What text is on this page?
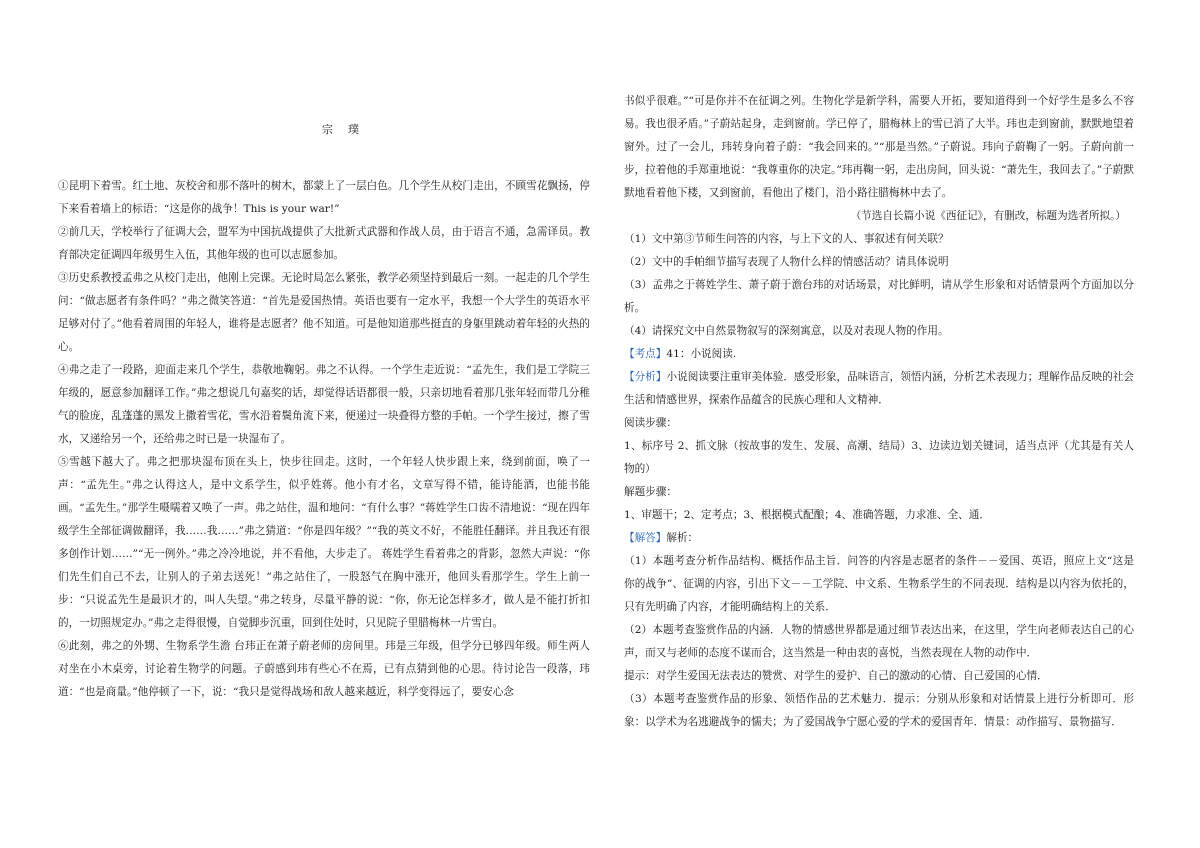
宗　璞

①昆明下着雪。红土地、灰校舍和那不落叶的树木，都蒙上了一层白色。几个学生从校门走出，不顾雪花飘扬，停下来看着墙上的标语：“这是你的战争！This is your war!”

②前几天，学校举行了征调大会，盟军为中国抗战提供了大批新式武器和作战人员，由于语言不通，急需译员。教育部决定征调四年级男生入伍，其他年级的也可以志愿参加。

③历史系教授孟弗之从校门走出，他刚上完课。无论时局怎么紧张，教学必须坚持到最后一刻。一起走的几个学生问：“做志愿者有条件吗？”弗之微笑答道：“首先是爱国热情。英语也要有一定水平，我想一个大学生的英语水平足够对付了。”他看着周围的年轻人，谁将是志愿者？他不知道。可是他知道那些挺直的身躯里跳动着年轻的火热的心。

④弗之走了一段路，迎面走来几个学生，恭敬地鞠躬。弗之不认得。一个学生走近说：“孟先生，我们是工学院三年级的，愿意参加翻译工作。”弗之想说几句嘉奖的话，却觉得话语都很一般，只亲切地看着那几张年轻而带几分稚气的脸庞，乱蓬蓬的黑发上撒着雪花，雪水沿着鬓角流下来，便递过一块叠得方整的手帕。一个学生接过，擦了雪水，又递给另一个，还给弗之时已是一块湿布了。

⑤雪越下越大了。弗之把那块湿布顶在头上，快步往回走。这时，一个年轻人快步跟上来，绕到前面，唤了一声：“孟先生。”弗之认得这人，是中文系学生，似乎姓蒋。他小有才名，文章写得不错，能诗能酒，也能书能画。“孟先生。”那学生嗫嚅着又唤了一声。弗之站住，温和地问：“有什么事？”蒋姓学生口齿不清地说：“现在四年级学生全部征调做翻译，我……我……”弗之猜道：“你是四年级？”“我的英文不好，不能胜任翻译。并且我还有很多创作计划……”“无一例外。”弗之冷冷地说，并不看他，大步走了。 蒋姓学生看着弗之的背影，忽然大声说：“你们先生们自己不去，让别人的子弟去送死！”弗之站住了，一股怒气在胸中涨开，他回头看那学生。学生上前一步：“只说孟先生是最识才的，叫人失望。”弗之转身，尽量平静的说：“你，你无论怎样多才，做人是不能打折扣的，一切照规定办。”弗之走得很慢，自觉脚步沉重，回到住处时，只见院子里腊梅林一片雪白。

⑥此刻，弗之的外甥、生物系学生澹 台玮正在萧子蔚老师的房间里。玮是三年级，但学分已够四年级。师生两人对坐在小木桌旁，讨论着生物学的问题。子蔚感到玮有些心不在焉，已有点猜到他的心思。待讨论告一段落，玮道：“也是商量。”他停顿了一下，说：“我只是觉得战场和敌人越来越近，科学变得远了，要安心念

书似乎很难。”“可是你并不在征调之列。生物化学是新学科，需要人开拓，要知道得到一个好学生是多么不容易。我也很矛盾。”子蔚站起身，走到窗前。学已停了，腊梅林上的雪已消了大半。玮也走到窗前，默默地望着窗外。过了一会儿，玮转身向着子蔚：“我会回来的。”“那是当然。”子蔚说。玮向子蔚鞠了一躬。子蔚向前一步，拉着他的手郑重地说：“我尊重你的决定。”玮再鞠一躬，走出房间，回头说：“萧先生，我回去了。”子蔚默默地看着他下楼，又到窗前，看他出了楼门，沿小路往腊梅林中去了。

（节选自长篇小说《西征记》，有删改，标题为选者所拟。）

（1）文中第③节师生问答的内容，与上下文的人、事叙述有何关联？

（2）文中的手帕细节描写表现了人物什么样的情感活动？请具体说明

（3）孟弗之于蒋姓学生、萧子蔚于澹台玮的对话场景，对比鲜明，请从学生形象和对话情景两个方面加以分析。

（4）请探究文中自然景物叙写的深刻寓意，以及对表现人物的作用。

【考点】41：小说阅读.

【分析】小说阅读要注重审美体验．感受形象，品味语言，领悟内涵，分析艺术表现力；理解作品反映的社会生活和情感世界，探索作品蕴含的民族心理和人文精神．

阅读步骤：

1、标序号 2、抓文脉（按故事的发生、发展、高潮、结局）3、边读边划关键词，适当点评（尤其是有关人物的）

解题步骤：

1、审题干；2、定考点；3、根据模式配酿；4、准确答题，力求准、全、通．

【解答】解析：

（1）本题考查分析作品结构、概括作品主旨．问答的内容是志愿者的条件－－爱国、英语，照应上文“这是你的战争”、征调的内容，引出下文－－工学院、中文系、生物系学生的不同表现．结构是以内容为依托的，只有先明确了内容，才能明确结构上的关系．

（2）本题考查鉴赏作品的内涵．人物的情感世界都是通过细节表达出来，在这里，学生向老师表达自己的心声，而又与老师的态度不谋而合，这当然是一种由衷的喜悦，当然表现在人物的动作中．

提示：对学生爱国无法表达的赞赏、对学生的爱护、自己的激动的心情、自己爱国的心情．

（3）本题考查鉴赏作品的形象、领悟作品的艺术魅力．提示：分别从形象和对话情景上进行分析即可．形象：以学术为名逃避战争的懦夫；为了爱国战争宁愿心爱的学术的爱国青年．情景：动作描写、景物描写．
